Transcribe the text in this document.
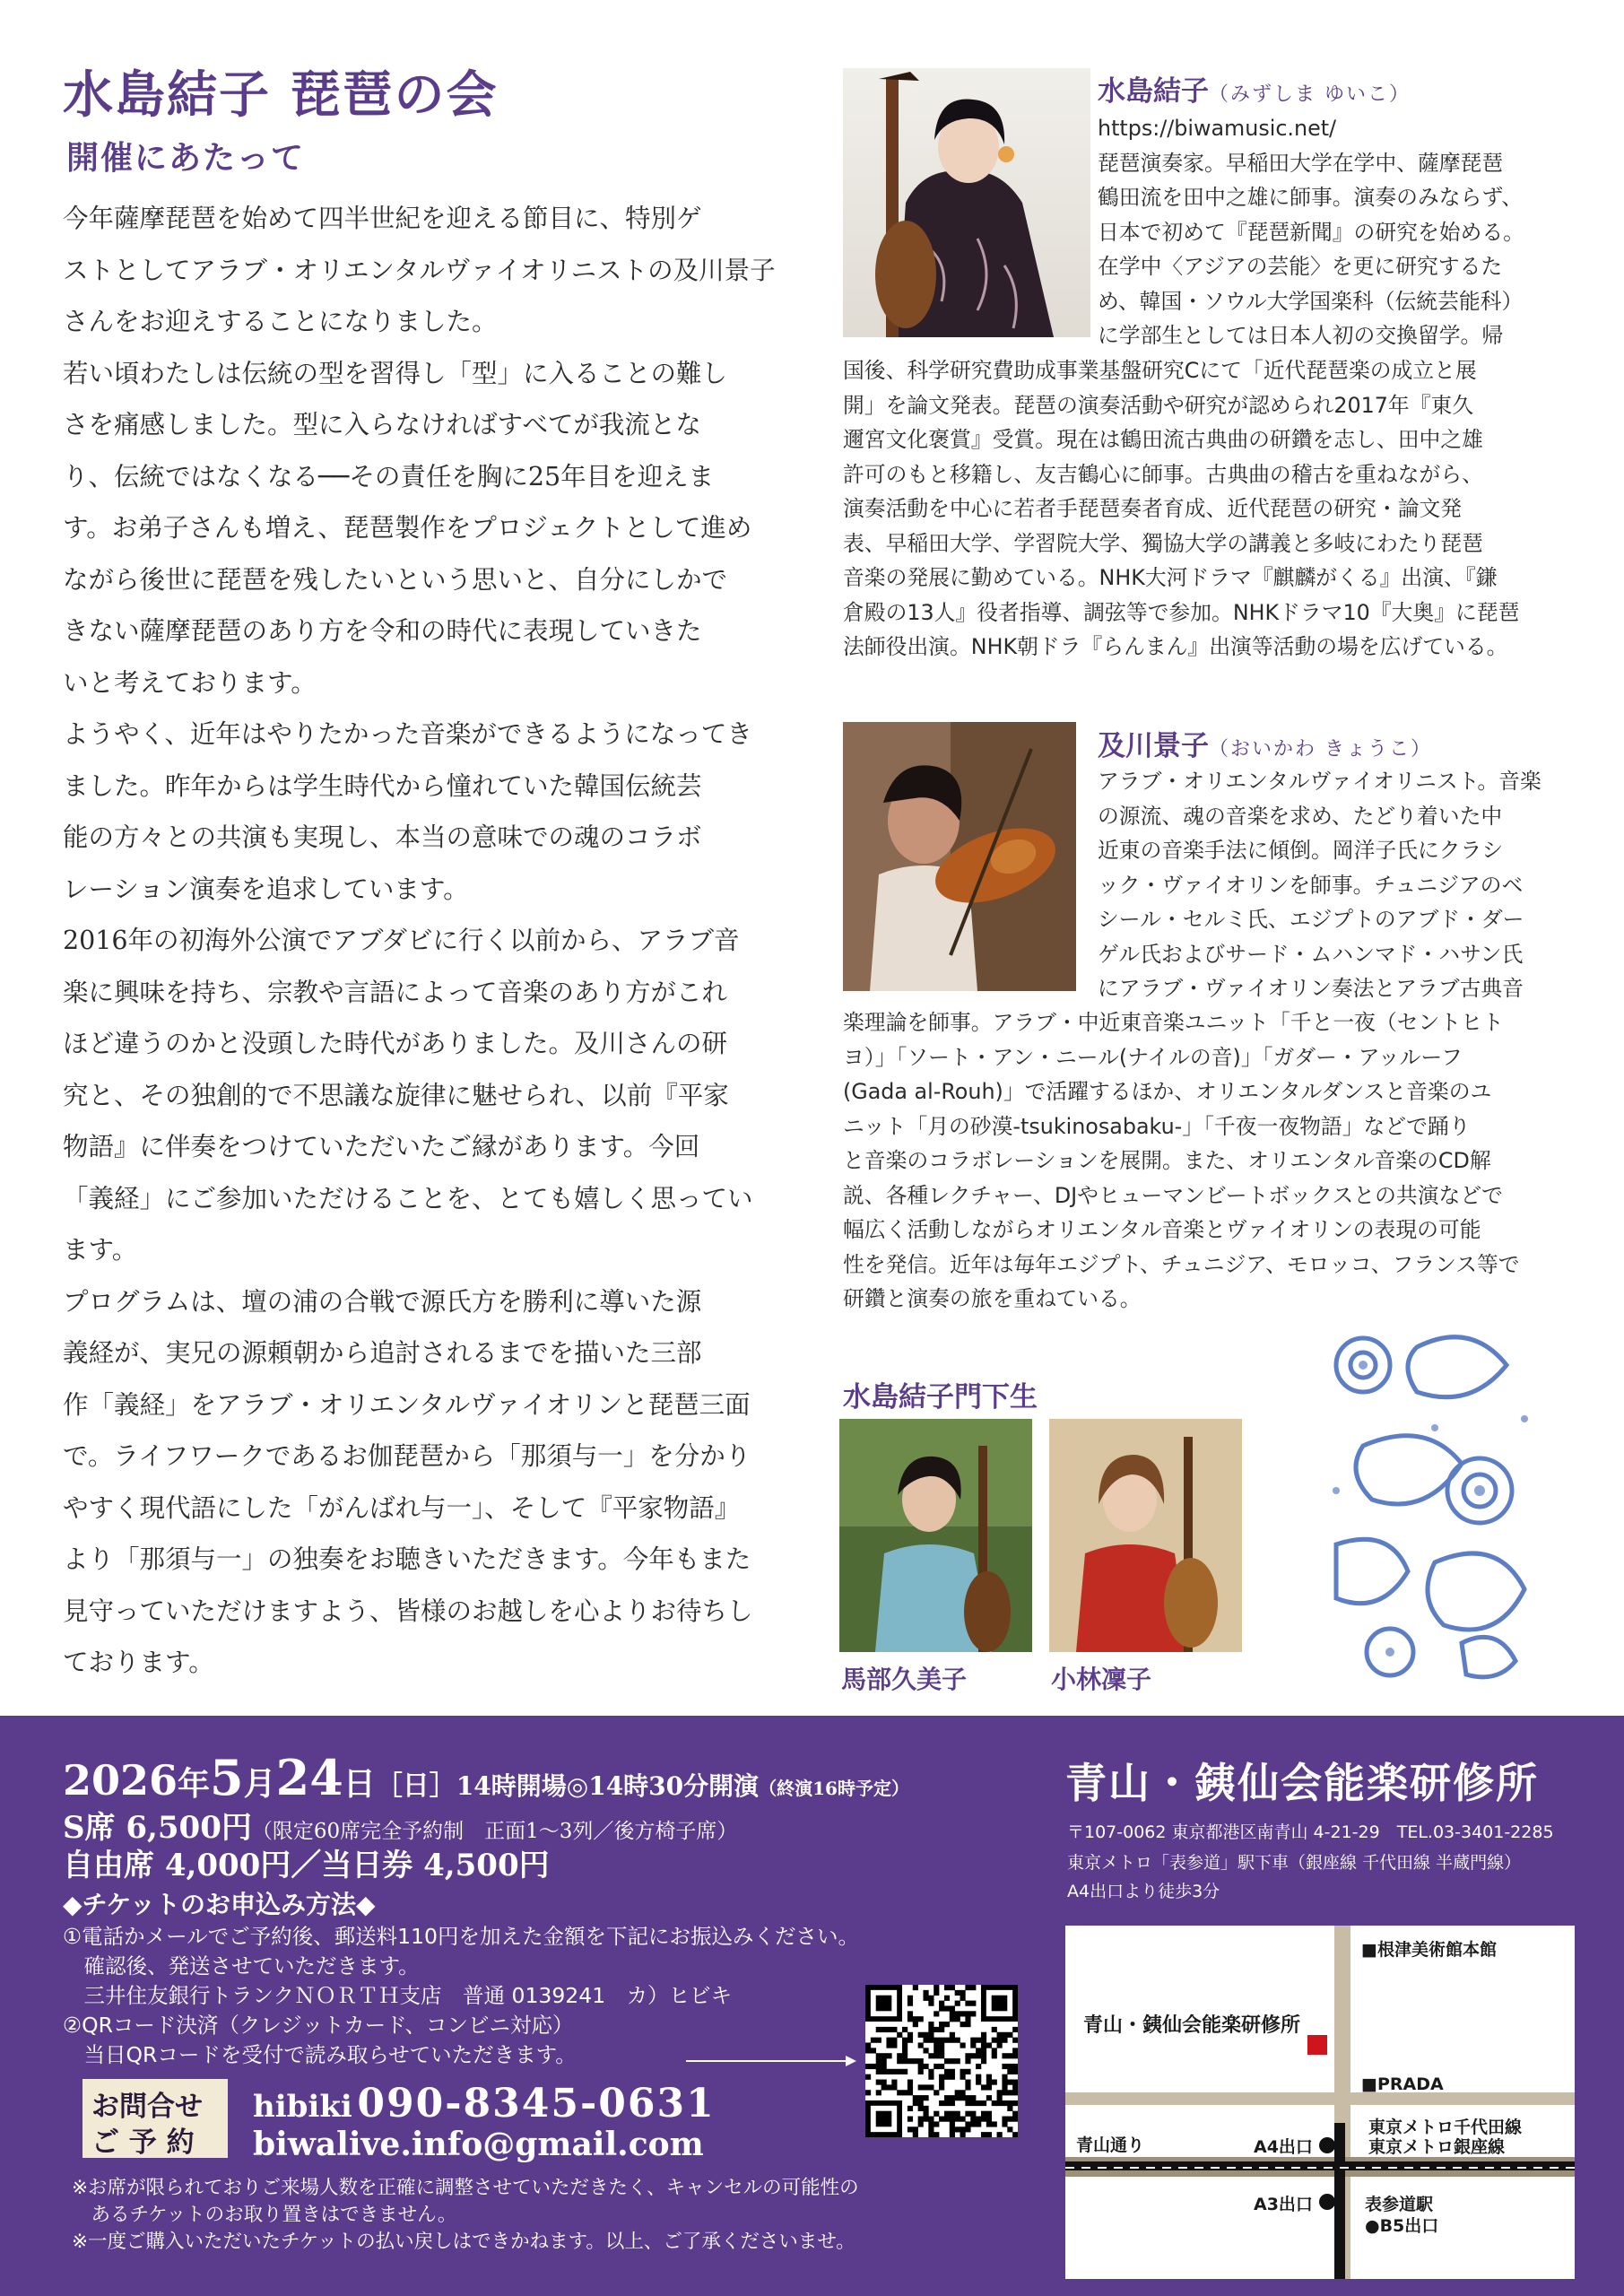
水島結子 琵琶の会
開催にあたって
今年薩摩琵琶を始めて四半世紀を迎える節目に、特別ゲ
ストとしてアラブ・オリエンタルヴァイオリニストの及川景子
さんをお迎えすることになりました。
若い頃わたしは伝統の型を習得し「型」に入ることの難し
さを痛感しました。型に入らなければすべてが我流とな
り、伝統ではなくなる──その責任を胸に25年目を迎えま
す。お弟子さんも増え、琵琶製作をプロジェクトとして進め
ながら後世に琵琶を残したいという思いと、自分にしかで
きない薩摩琵琶のあり方を令和の時代に表現していきた
いと考えております。
ようやく、近年はやりたかった音楽ができるようになってき
ました。昨年からは学生時代から憧れていた韓国伝統芸
能の方々との共演も実現し、本当の意味での魂のコラボ
レーション演奏を追求しています。
2016年の初海外公演でアブダビに行く以前から、アラブ音
楽に興味を持ち、宗教や言語によって音楽のあり方がこれ
ほど違うのかと没頭した時代がありました。及川さんの研
究と、その独創的で不思議な旋律に魅せられ、以前『平家
物語』に伴奏をつけていただいたご縁があります。今回
「義経」にご参加いただけることを、とても嬉しく思ってい
ます。
プログラムは、壇の浦の合戦で源氏方を勝利に導いた源
義経が、実兄の源頼朝から追討されるまでを描いた三部
作「義経」をアラブ・オリエンタルヴァイオリンと琵琶三面
で。ライフワークであるお伽琵琶から「那須与一」を分かり
やすく現代語にした「がんばれ与一」、そして『平家物語』
より「那須与一」の独奏をお聴きいただきます。今年もまた
見守っていただけますよう、皆様のお越しを心よりお待ちし
ております。
水島結子（みずしま ゆいこ）
https://biwamusic.net/
琵琶演奏家。早稲田大学在学中、薩摩琵琶
鶴田流を田中之雄に師事。演奏のみならず、
日本で初めて『琵琶新聞』の研究を始める。
在学中〈アジアの芸能〉を更に研究するた
め、韓国・ソウル大学国楽科（伝統芸能科）
に学部生としては日本人初の交換留学。帰
国後、科学研究費助成事業基盤研究Cにて「近代琵琶楽の成立と展
開」を論文発表。琵琶の演奏活動や研究が認められ2017年『東久
邇宮文化褒賞』受賞。現在は鶴田流古典曲の研鑽を志し、田中之雄
許可のもと移籍し、友吉鶴心に師事。古典曲の稽古を重ねながら、
演奏活動を中心に若者手琵琶奏者育成、近代琵琶の研究・論文発
表、早稲田大学、学習院大学、獨協大学の講義と多岐にわたり琵琶
音楽の発展に勤めている。NHK大河ドラマ『麒麟がくる』出演、『鎌
倉殿の13人』役者指導、調弦等で参加。NHKドラマ10『大奥』に琵琶
法師役出演。NHK朝ドラ『らんまん』出演等活動の場を広げている。
及川景子（おいかわ きょうこ）
アラブ・オリエンタルヴァイオリニスト。音楽
の源流、魂の音楽を求め、たどり着いた中
近東の音楽手法に傾倒。岡洋子氏にクラシ
ック・ヴァイオリンを師事。チュニジアのベ
シール・セルミ氏、エジプトのアブド・ダー
ゲル氏およびサード・ムハンマド・ハサン氏
にアラブ・ヴァイオリン奏法とアラブ古典音
楽理論を師事。アラブ・中近東音楽ユニット「千と一夜（セントヒト
ヨ）」「ソート・アン・ニール(ナイルの音)」「ガダー・アッルーフ
(Gada al-Rouh)」で活躍するほか、オリエンタルダンスと音楽のユ
ニット「月の砂漠-tsukinosabaku-」「千夜一夜物語」などで踊り
と音楽のコラボレーションを展開。また、オリエンタル音楽のCD解
説、各種レクチャー、DJやヒューマンビートボックスとの共演などで
幅広く活動しながらオリエンタル音楽とヴァイオリンの表現の可能
性を発信。近年は毎年エジプト、チュニジア、モロッコ、フランス等で
研鑽と演奏の旅を重ねている。
水島結子門下生
馬部久美子	小林凜子
2026年5月24日［日］14時開場◎14時30分開演（終演16時予定）
S席 6,500円（限定60席完全予約制　正面1〜3列／後方椅子席）
自由席 4,000円／当日券 4,500円
◆チケットのお申込み方法◆
①電話かメールでご予約後、郵送料110円を加えた金額を下記にお振込みください。
　確認後、発送させていただきます。
　三井住友銀行トランクＮＯＲＴＨ支店　普通 0139241　カ）ヒビキ
②QRコード決済（クレジットカード、コンビニ対応）
　当日QRコードを受付で読み取らせていただきます。
お問合せ
ご 予 約
hibiki 090-8345-0631
biwalive.info@gmail.com
※お席が限られておりご来場人数を正確に調整させていただきたく、キャンセルの可能性の
　あるチケットのお取り置きはできません。
※一度ご購入いただいたチケットの払い戻しはできかねます。以上、ご了承くださいませ。
青山・銕仙会能楽研修所
〒107-0062 東京都港区南青山 4-21-29　TEL.03-3401-2285
東京メトロ「表参道」駅下車（銀座線 千代田線 半蔵門線）
A4出口より徒歩3分
■根津美術館本館
青山・銕仙会能楽研修所
■PRADA
青山通り	A4出口
東京メトロ千代田線
東京メトロ銀座線
A3出口	表参道駅
●B5出口
